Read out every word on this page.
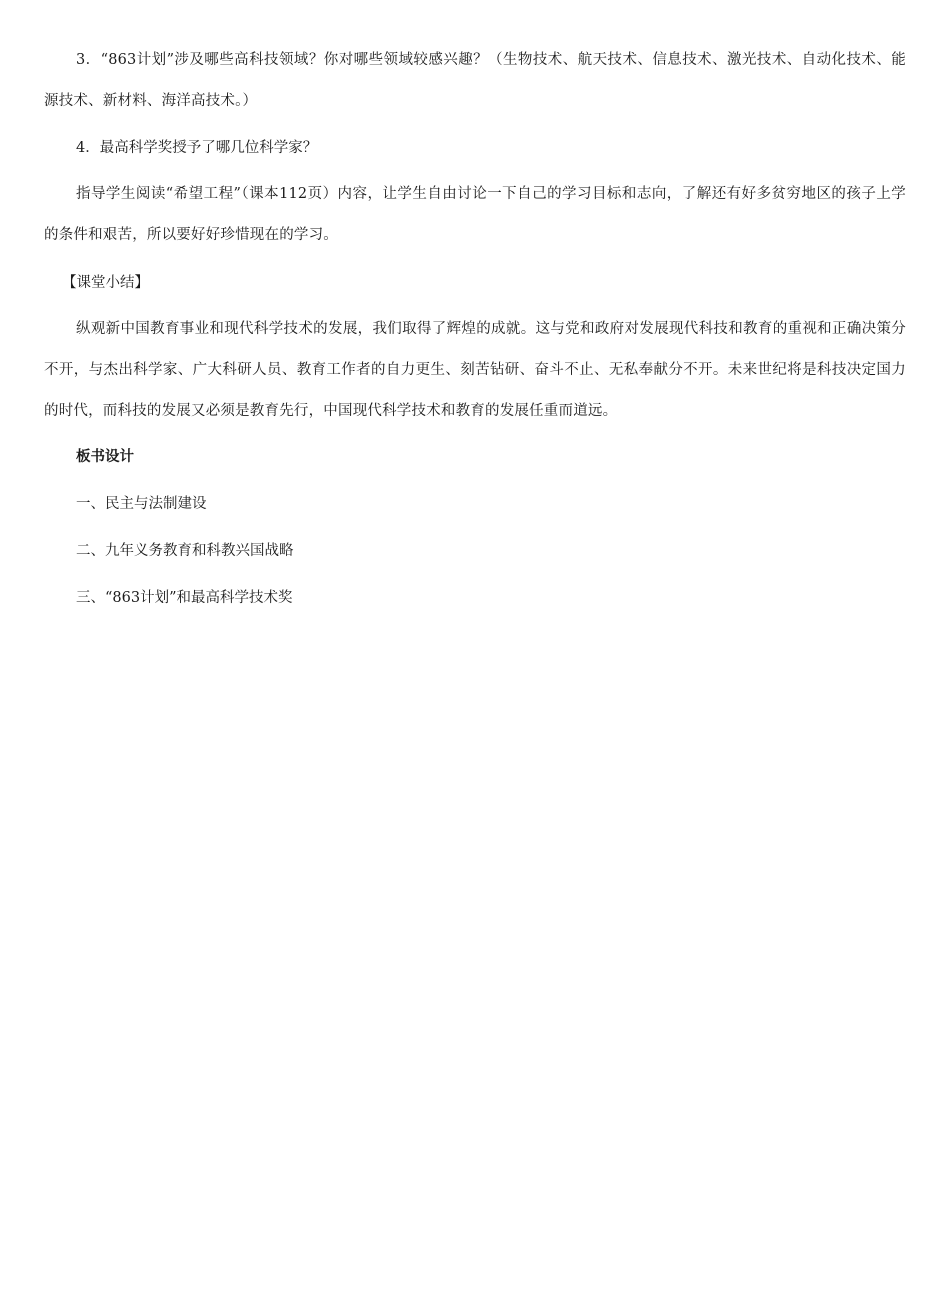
3．“863计划”涉及哪些高科技领域？你对哪些领域较感兴趣？（生物技术、航天技术、信息技术、激光技术、自动化技术、能源技术、新材料、海洋高技术。）

4．最高科学奖授予了哪几位科学家？

指导学生阅读“希望工程”（课本112页）内容，让学生自由讨论一下自己的学习目标和志向，了解还有好多贫穷地区的孩子上学的条件和艰苦，所以要好好珍惜现在的学习。

【课堂小结】

纵观新中国教育事业和现代科学技术的发展，我们取得了辉煌的成就。这与党和政府对发展现代科技和教育的重视和正确决策分不开，与杰出科学家、广大科研人员、教育工作者的自力更生、刻苦钻研、奋斗不止、无私奉献分不开。未来世纪将是科技决定国力的时代，而科技的发展又必须是教育先行，中国现代科学技术和教育的发展任重而道远。

板书设计

一、民主与法制建设

二、九年义务教育和科教兴国战略

三、“863计划”和最高科学技术奖
